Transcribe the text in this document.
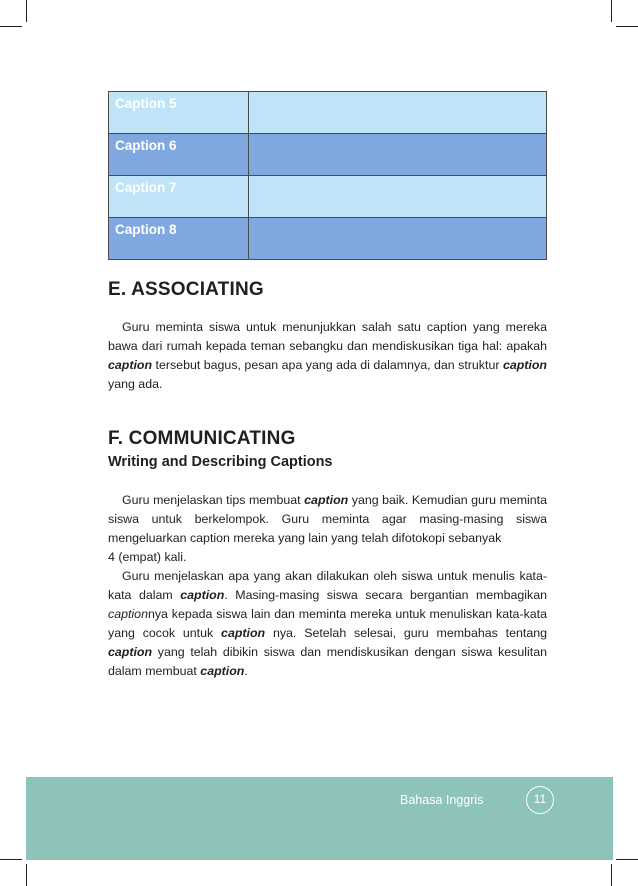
Caption 5	
Caption 6	
Caption 7	
Caption 8	
E. ASSOCIATING

Guru meminta siswa untuk menunjukkan salah satu caption yang mereka bawa dari rumah kepada teman sebangku dan mendiskusikan tiga hal: apakah caption tersebut bagus, pesan apa yang ada di dalamnya, dan struktur caption yang ada.

F. COMMUNICATING
Writing and Describing Captions

Guru menjelaskan tips membuat caption yang baik. Kemudian guru meminta siswa untuk berkelompok. Guru meminta agar masing-masing siswa mengeluarkan caption mereka yang lain yang telah difotokopi sebanyak
4 (empat) kali.

Guru menjelaskan apa yang akan dilakukan oleh siswa untuk menulis kata-kata dalam caption. Masing-masing siswa secara bergantian membagikan captionnya kepada siswa lain dan meminta mereka untuk menuliskan kata-kata yang cocok untuk caption nya. Setelah selesai, guru membahas tentang caption yang telah dibikin siswa dan mendiskusikan dengan siswa kesulitan dalam membuat caption.

Bahasa Inggris	11
